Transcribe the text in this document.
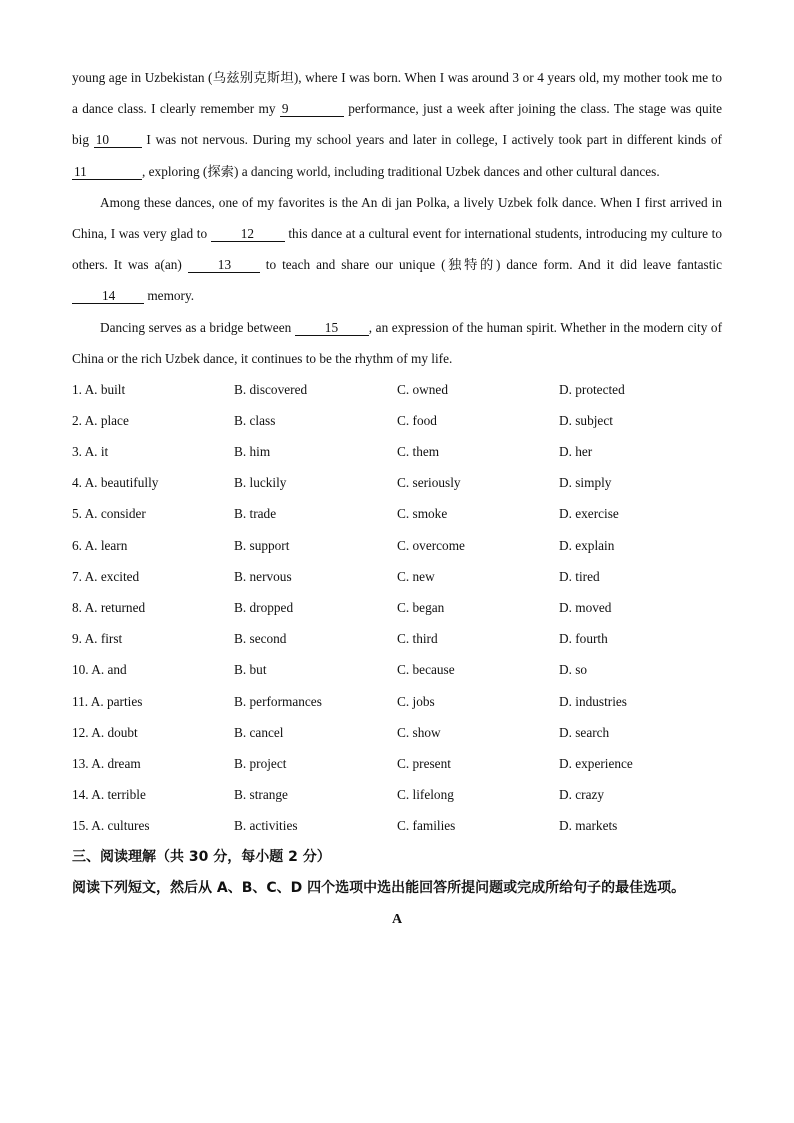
young age in Uzbekistan (乌兹别克斯坦), where I was born. When I was around 3 or 4 years old, my mother took me to a dance class. I clearly remember my 9	performance, just a week after joining the class. The stage was quite big 10 I was not nervous. During my school years and later in college, I actively took part in different kinds of 11	, exploring (探索) a dancing world, including traditional Uzbek dances and other cultural dances.

Among these dances, one of my favorites is the An di jan Polka, a lively Uzbek folk dance. When I first arrived in China, I was very glad to 12 this dance at a cultural event for international students, introducing my culture to others. It was a(an) 13 to teach and share our unique (独特的) dance form. And it did leave fantastic 14 memory.

Dancing serves as a bridge between 15 , an expression of the human spirit. Whether in the modern city of China or the rich Uzbek dance, it continues to be the rhythm of my life.

1. A. built	B. discovered	C. owned	D. protected
2. A. place	B. class	C. food	D. subject
3. A. it	B. him	C. them	D. her
4. A. beautifully	B. luckily	C. seriously	D. simply
5. A. consider	B. trade	C. smoke	D. exercise
6. A. learn	B. support	C. overcome	D. explain
7. A. excited	B. nervous	C. new	D. tired
8. A. returned	B. dropped	C. began	D. moved
9. A. first	B. second	C. third	D. fourth
10. A. and	B. but	C. because	D. so
11. A. parties	B. performances	C. jobs	D. industries
12. A. doubt	B. cancel	C. show	D. search
13. A. dream	B. project	C. present	D. experience
14. A. terrible	B. strange	C. lifelong	D. crazy
15. A. cultures	B. activities	C. families	D. markets
三、阅读理解（共 30 分，每小题 2 分）

阅读下列短文，然后从 A、B、C、D 四个选项中选出能回答所提问题或完成所给句子的最佳选项。

A
